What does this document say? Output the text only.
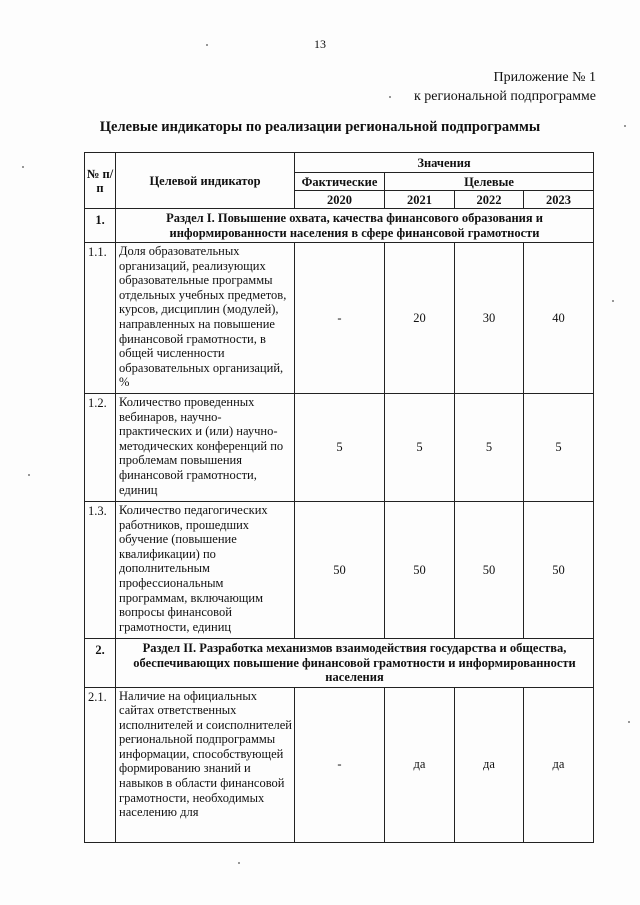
13
Приложение № 1
к региональной подпрограмме
Целевые индикаторы по реализации региональной подпрограммы
№ п/п	Целевой индикатор	Значения			
		Фактические	Целевые		
		2020	2021	2022	2023
1.	Раздел I. Повышение охвата, качества финансового образования и информированности населения в сфере финансовой грамотности				
1.1.	Доля образовательных организаций, реализующих образовательные программы отдельных учебных предметов, курсов, дисциплин (модулей), направленных на повышение финансовой грамотности, в общей численности образовательных организаций, %	-	20	30	40
1.2.	Количество проведенных вебинаров, научно-практических и (или) научно-методических конференций по проблемам повышения финансовой грамотности, единиц	5	5	5	5
1.3.	Количество педагогических работников, прошедших обучение (повышение квалификации) по дополнительным профессиональным программам, включающим вопросы финансовой грамотности, единиц	50	50	50	50
2.	Раздел II. Разработка механизмов взаимодействия государства и общества, обеспечивающих повышение финансовой грамотности и информированности населения				
2.1.	Наличие на официальных сайтах ответственных исполнителей и соисполнителей региональной подпрограммы информации, способствующей формированию знаний и навыков в области финансовой грамотности, необходимых населению для	-	да	да	да
